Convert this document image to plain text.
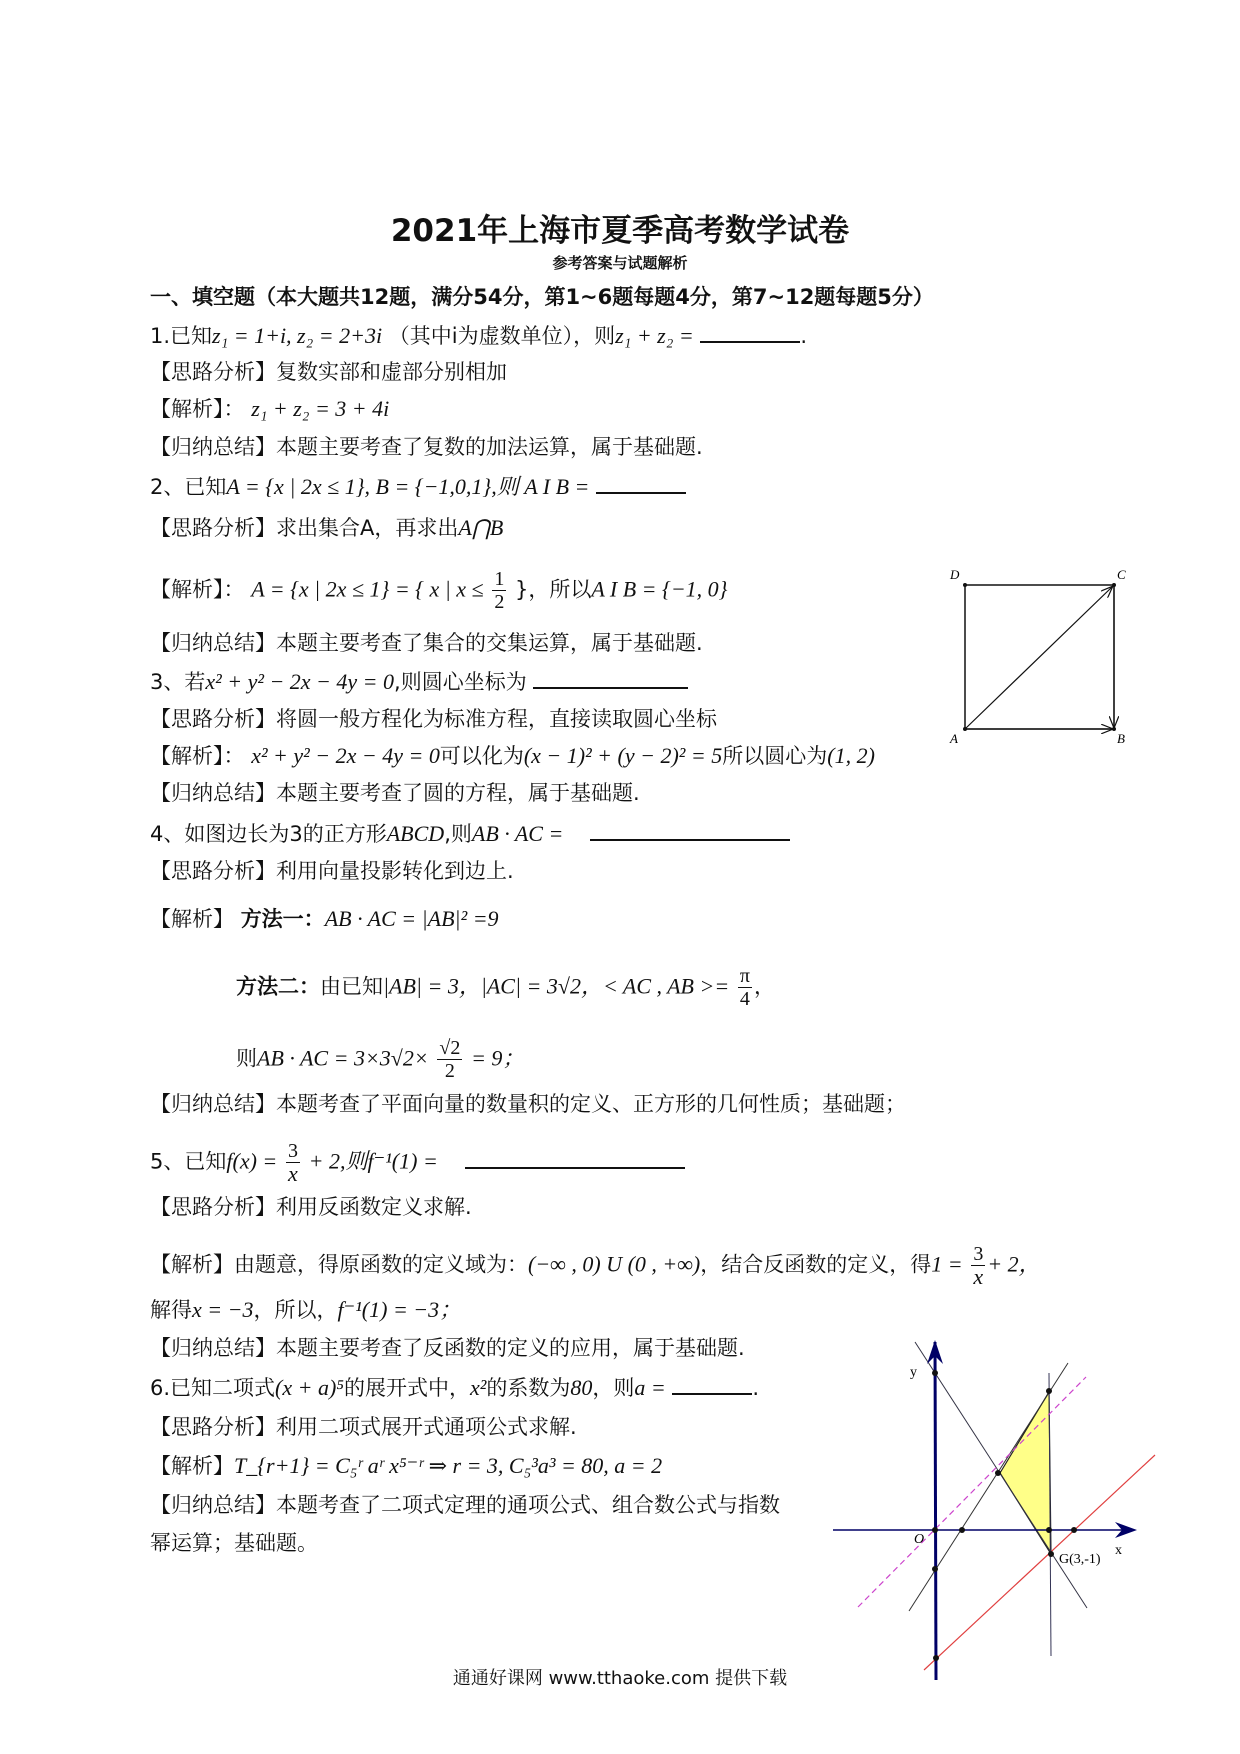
2021年上海市夏季高考数学试卷
参考答案与试题解析
一、填空题（本大题共12题，满分54分，第1~6题每题4分，第7~12题每题5分）
1.已知z₁ = 1+i, z₂ = 2+3i （其中i为虚数单位），则z₁ + z₂ =	.
【思路分析】复数实部和虚部分别相加
【解析】： z₁ + z₂ = 3 + 4i
【归纳总结】本题主要考查了复数的加法运算，属于基础题.
2、已知A = {x | 2x ≤ 1}, B = {−1,0,1},则 A I B =
【思路分析】求出集合A，再求出A⋂B
【解析】： A = {x | 2x ≤ 1} = { x | $x \le \frac{1}{2}$ }，所以A I B = {−1, 0}
【归纳总结】本题主要考查了集合的交集运算，属于基础题.
3、若x² + y² − 2x − 4y = 0,则圆心坐标为
【思路分析】将圆一般方程化为标准方程，直接读取圆心坐标
【解析】： x² + y² − 2x − 4y = 0可以化为(x − 1)² + (y − 2)² = 5所以圆心为(1, 2)
【归纳总结】本题主要考查了圆的方程，属于基础题.
4、如图边长为3的正方形ABCD,则AB · AC =
【思路分析】利用向量投影转化到边上.
【解析】 方法一：AB · AC = |AB|² =9
方法二：由已知|AB| = 3，|AC| = 3√2，< AC , AB >= $\frac{\pi}{4}$ ，
则AB · AC = $3\times 3√2\times \frac{√2}{2} = 9$；
【归纳总结】本题考查了平面向量的数量积的定义、正方形的几何性质；基础题；
D	C
A	B
5、已知$f(x) = \frac{3}{x} + 2$,则f⁻¹(1) =
【思路分析】利用反函数定义求解.
【解析】由题意，得原函数的定义域为：(−∞ , 0) U (0 , +∞)，结合反函数的定义，得$1 = \frac{3}{x} + 2$，
解得x = −3，所以，f⁻¹(1) = −3；
【归纳总结】本题主要考查了反函数的定义的应用，属于基础题.
6.已知二项式(x + a)⁵的展开式中，x²的系数为80，则a =	.
【思路分析】利用二项式展开式通项公式求解.
【解析】T_{r+1} = C₅ʳ aʳ x⁵⁻ʳ ⇒ r = 3, C₅³a³ = 80, a = 2
【归纳总结】本题考查了二项式定理的通项公式、组合数公式与指数
幂运算；基础题。
y
x
O
G(3,-1)
通通好课网 www.tthaoke.com 提供下载
